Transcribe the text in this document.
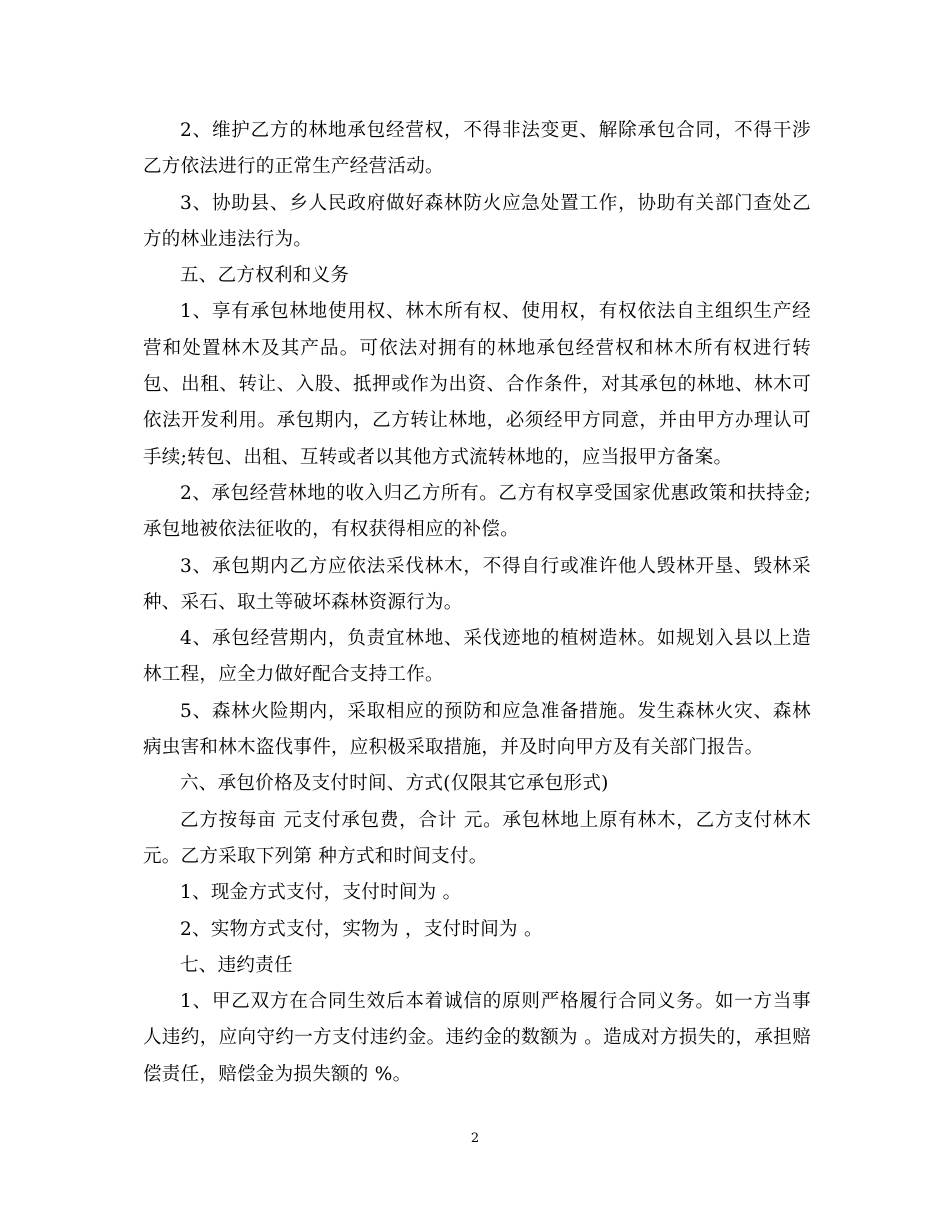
2、维护乙方的林地承包经营权，不得非法变更、解除承包合同，不得干涉乙方依法进行的正常生产经营活动。

3、协助县、乡人民政府做好森林防火应急处置工作，协助有关部门查处乙方的林业违法行为。

五、乙方权利和义务

1、享有承包林地使用权、林木所有权、使用权，有权依法自主组织生产经营和处置林木及其产品。可依法对拥有的林地承包经营权和林木所有权进行转包、出租、转让、入股、抵押或作为出资、合作条件，对其承包的林地、林木可依法开发利用。承包期内，乙方转让林地，必须经甲方同意，并由甲方办理认可手续;转包、出租、互转或者以其他方式流转林地的，应当报甲方备案。

2、承包经营林地的收入归乙方所有。乙方有权享受国家优惠政策和扶持金;承包地被依法征收的，有权获得相应的补偿。

3、承包期内乙方应依法采伐林木，不得自行或准许他人毁林开垦、毁林采种、采石、取土等破坏森林资源行为。

4、承包经营期内，负责宜林地、采伐迹地的植树造林。如规划入县以上造林工程，应全力做好配合支持工作。

5、森林火险期内，采取相应的预防和应急准备措施。发生森林火灾、森林病虫害和林木盗伐事件，应积极采取措施，并及时向甲方及有关部门报告。

六、承包价格及支付时间、方式(仅限其它承包形式)

乙方按每亩 元支付承包费，合计 元。承包林地上原有林木，乙方支付林木 元。乙方采取下列第 种方式和时间支付。

1、现金方式支付，支付时间为 。

2、实物方式支付，实物为 ，支付时间为 。

七、违约责任

1、甲乙双方在合同生效后本着诚信的原则严格履行合同义务。如一方当事人违约，应向守约一方支付违约金。违约金的数额为 。造成对方损失的，承担赔偿责任，赔偿金为损失额的 %。

2
